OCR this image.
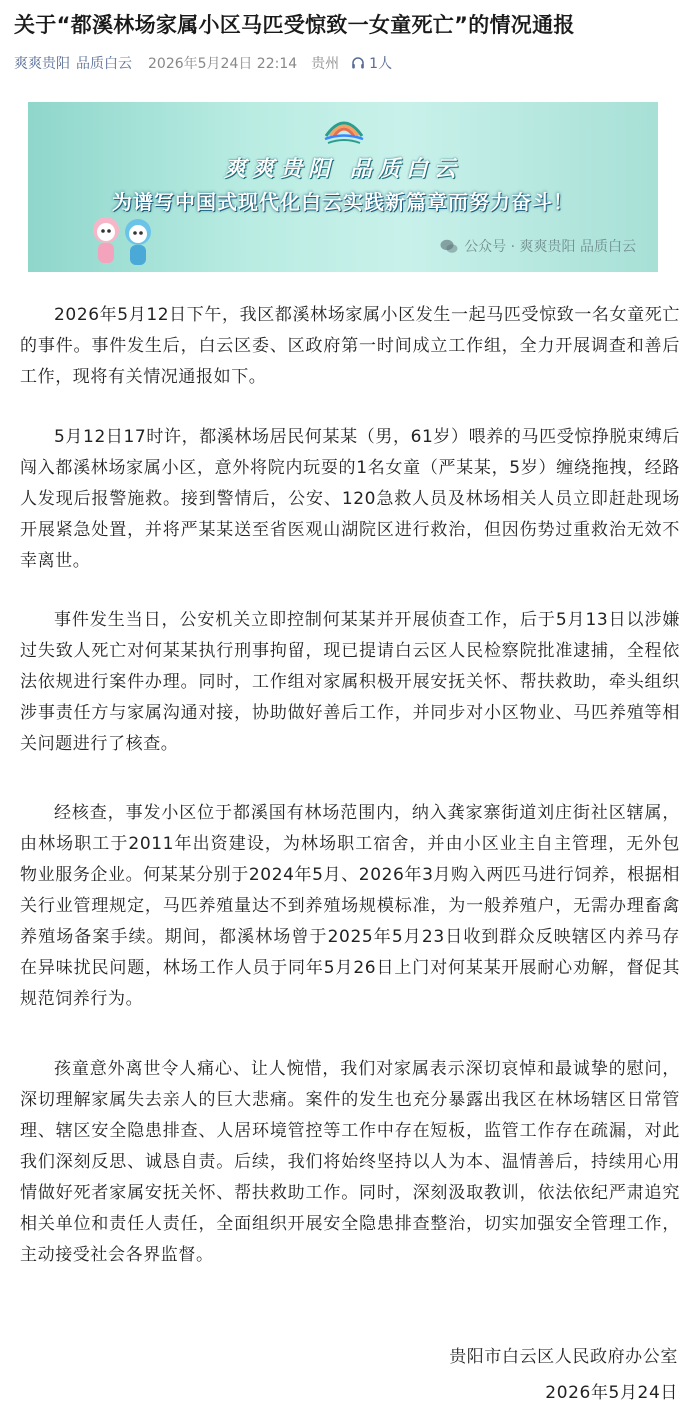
关于“都溪林场家属小区马匹受惊致一女童死亡”的情况通报
爽爽贵阳 品质白云 2026年5月24日 22:14 贵州 1人
爽爽贵阳 品质白云
为谱写中国式现代化白云实践新篇章而努力奋斗！
公众号 · 爽爽贵阳 品质白云

2026年5月12日下午，我区都溪林场家属小区发生一起马匹受惊致一名女童死亡的事件。事件发生后，白云区委、区政府第一时间成立工作组，全力开展调查和善后工作，现将有关情况通报如下。

5月12日17时许，都溪林场居民何某某（男，61岁）喂养的马匹受惊挣脱束缚后闯入都溪林场家属小区，意外将院内玩耍的1名女童（严某某，5岁）缠绕拖拽，经路人发现后报警施救。接到警情后，公安、120急救人员及林场相关人员立即赶赴现场开展紧急处置，并将严某某送至省医观山湖院区进行救治，但因伤势过重救治无效不幸离世。

事件发生当日，公安机关立即控制何某某并开展侦查工作，后于5月13日以涉嫌过失致人死亡对何某某执行刑事拘留，现已提请白云区人民检察院批准逮捕，全程依法依规进行案件办理。同时，工作组对家属积极开展安抚关怀、帮扶救助，牵头组织涉事责任方与家属沟通对接，协助做好善后工作，并同步对小区物业、马匹养殖等相关问题进行了核查。

经核查，事发小区位于都溪国有林场范围内，纳入龚家寨街道刘庄街社区辖属，由林场职工于2011年出资建设，为林场职工宿舍，并由小区业主自主管理，无外包物业服务企业。何某某分别于2024年5月、2026年3月购入两匹马进行饲养，根据相关行业管理规定，马匹养殖量达不到养殖场规模标准，为一般养殖户，无需办理畜禽养殖场备案手续。期间，都溪林场曾于2025年5月23日收到群众反映辖区内养马存在异味扰民问题，林场工作人员于同年5月26日上门对何某某开展耐心劝解，督促其规范饲养行为。

孩童意外离世令人痛心、让人惋惜，我们对家属表示深切哀悼和最诚挚的慰问，深切理解家属失去亲人的巨大悲痛。案件的发生也充分暴露出我区在林场辖区日常管理、辖区安全隐患排查、人居环境管控等工作中存在短板，监管工作存在疏漏，对此我们深刻反思、诚恳自责。后续，我们将始终坚持以人为本、温情善后，持续用心用情做好死者家属安抚关怀、帮扶救助工作。同时，深刻汲取教训，依法依纪严肃追究相关单位和责任人责任，全面组织开展安全隐患排查整治，切实加强安全管理工作，主动接受社会各界监督。

贵阳市白云区人民政府办公室
2026年5月24日
